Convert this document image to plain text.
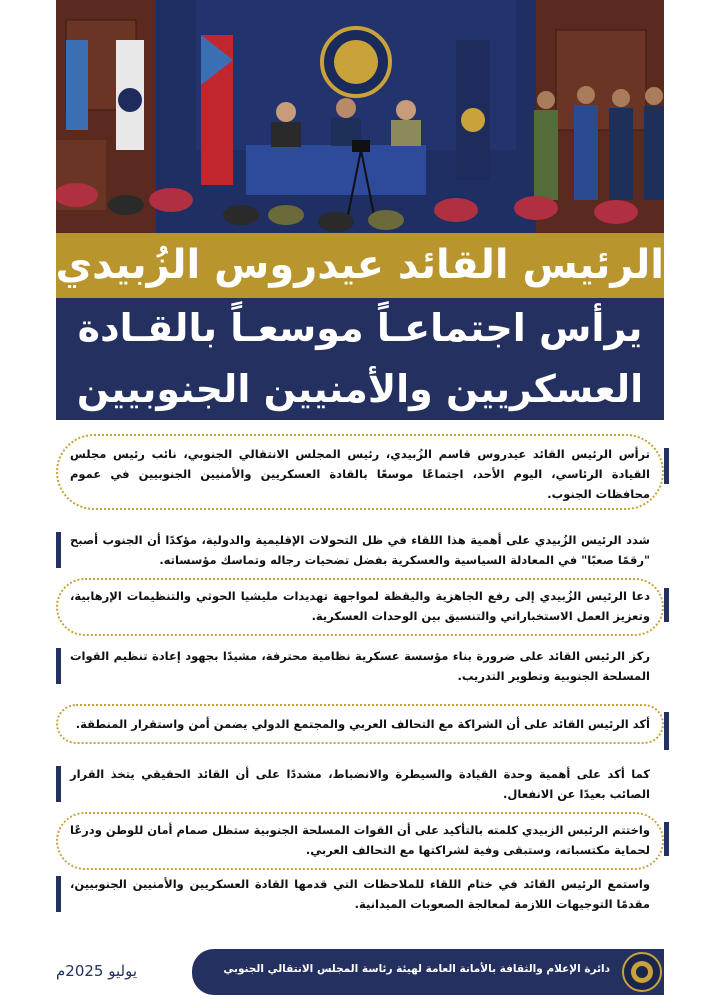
الرئيس القائد عيدروس الزُبيدي
يرأس اجتماعـاً موسعـاً بالقـادة
العسكريين والأمنيين الجنوبيين

ترأس الرئيس القائد عيدروس قاسم الزُبيدي، رئيس المجلس الانتقالي الجنوبي، نائب رئيس مجلس القيادة الرئاسي، اليوم الأحد، اجتماعًا موسعًا بالقادة العسكريين والأمنيين الجنوبيين في عموم محافظات الجنوب.

شدد الرئيس الزُبيدي على أهمية هذا اللقاء في ظل التحولات الإقليمية والدولية، مؤكدًا أن الجنوب أصبح "رقمًا صعبًا" في المعادلة السياسية والعسكرية بفضل تضحيات رجاله وتماسك مؤسساته.

دعا الرئيس الزُبيدي إلى رفع الجاهزية واليقظة لمواجهة تهديدات مليشيا الحوثي والتنظيمات الإرهابية، وتعزيز العمل الاستخباراتي والتنسيق بين الوحدات العسكرية.

ركز الرئيس القائد على ضرورة بناء مؤسسة عسكرية نظامية محترفة، مشيدًا بجهود إعادة تنظيم القوات المسلحة الجنوبية وتطوير التدريب.

أكد الرئيس القائد على أن الشراكة مع التحالف العربي والمجتمع الدولي يضمن أمن واستقرار المنطقة.

كما أكد على أهمية وحدة القيادة والسيطرة والانضباط، مشددًا على أن القائد الحقيقي يتخذ القرار الصائب بعيدًا عن الانفعال.

واختتم الرئيس الزبيدي كلمته بالتأكيد على أن القوات المسلحة الجنوبية ستظل صمام أمان للوطن ودرعًا لحماية مكتسباته، وستبقى وفية لشراكتها مع التحالف العربي.

واستمع الرئيس القائد في ختام اللقاء للملاحظات التي قدمها القادة العسكريين والأمنيين الجنوبيين، مقدمًا التوجيهات اللازمة لمعالجة الصعوبات الميدانية.

يوليو 2025م	دائرة الإعلام والثقافة بالأمانة العامة لهيئة رئاسة المجلس الانتقالي الجنوبي
